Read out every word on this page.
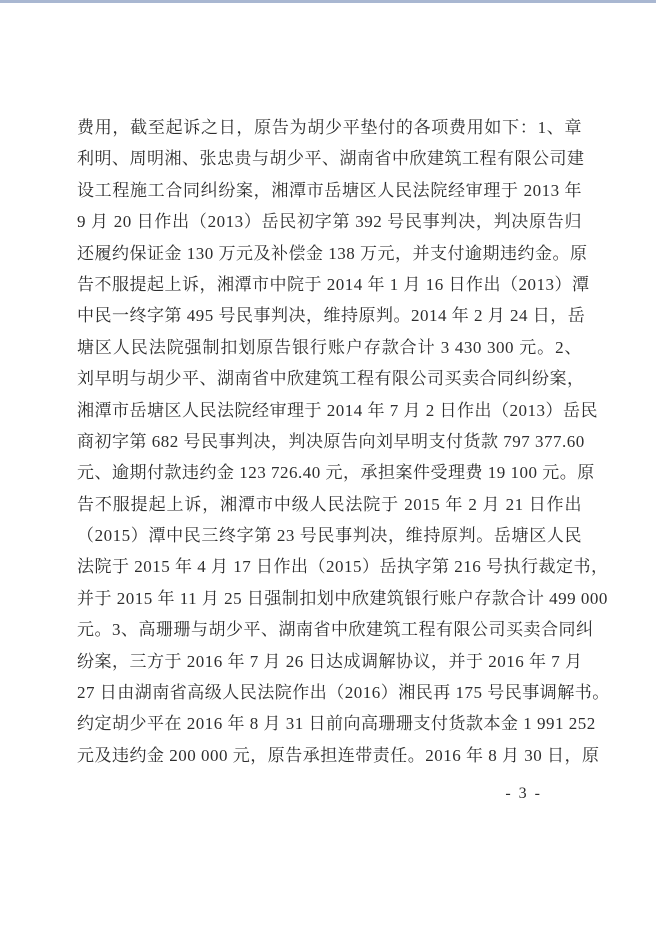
费用，截至起诉之日，原告为胡少平垫付的各项费用如下：1、章
利明、周明湘、张忠贵与胡少平、湖南省中欣建筑工程有限公司建
设工程施工合同纠纷案，湘潭市岳塘区人民法院经审理于 2013 年
9 月 20 日作出（2013）岳民初字第 392 号民事判决，判决原告归
还履约保证金 130 万元及补偿金 138 万元，并支付逾期违约金。原
告不服提起上诉，湘潭市中院于 2014 年 1 月 16 日作出（2013）潭
中民一终字第 495 号民事判决，维持原判。2014 年 2 月 24 日，岳
塘区人民法院强制扣划原告银行账户存款合计 3 430 300 元。2、
刘早明与胡少平、湖南省中欣建筑工程有限公司买卖合同纠纷案，
湘潭市岳塘区人民法院经审理于 2014 年 7 月 2 日作出（2013）岳民
商初字第 682 号民事判决，判决原告向刘早明支付货款 797 377.60
元、逾期付款违约金 123 726.40 元，承担案件受理费 19 100 元。原
告不服提起上诉，湘潭市中级人民法院于 2015 年 2 月 21 日作出
（2015）潭中民三终字第 23 号民事判决，维持原判。岳塘区人民
法院于 2015 年 4 月 17 日作出（2015）岳执字第 216 号执行裁定书，
并于 2015 年 11 月 25 日强制扣划中欣建筑银行账户存款合计 499 000
元。3、高珊珊与胡少平、湖南省中欣建筑工程有限公司买卖合同纠
纷案，三方于 2016 年 7 月 26 日达成调解协议，并于 2016 年 7 月
27 日由湖南省高级人民法院作出（2016）湘民再 175 号民事调解书。
约定胡少平在 2016 年 8 月 31 日前向高珊珊支付货款本金 1 991 252
元及违约金 200 000 元，原告承担连带责任。2016 年 8 月 30 日，原
- 3 -
